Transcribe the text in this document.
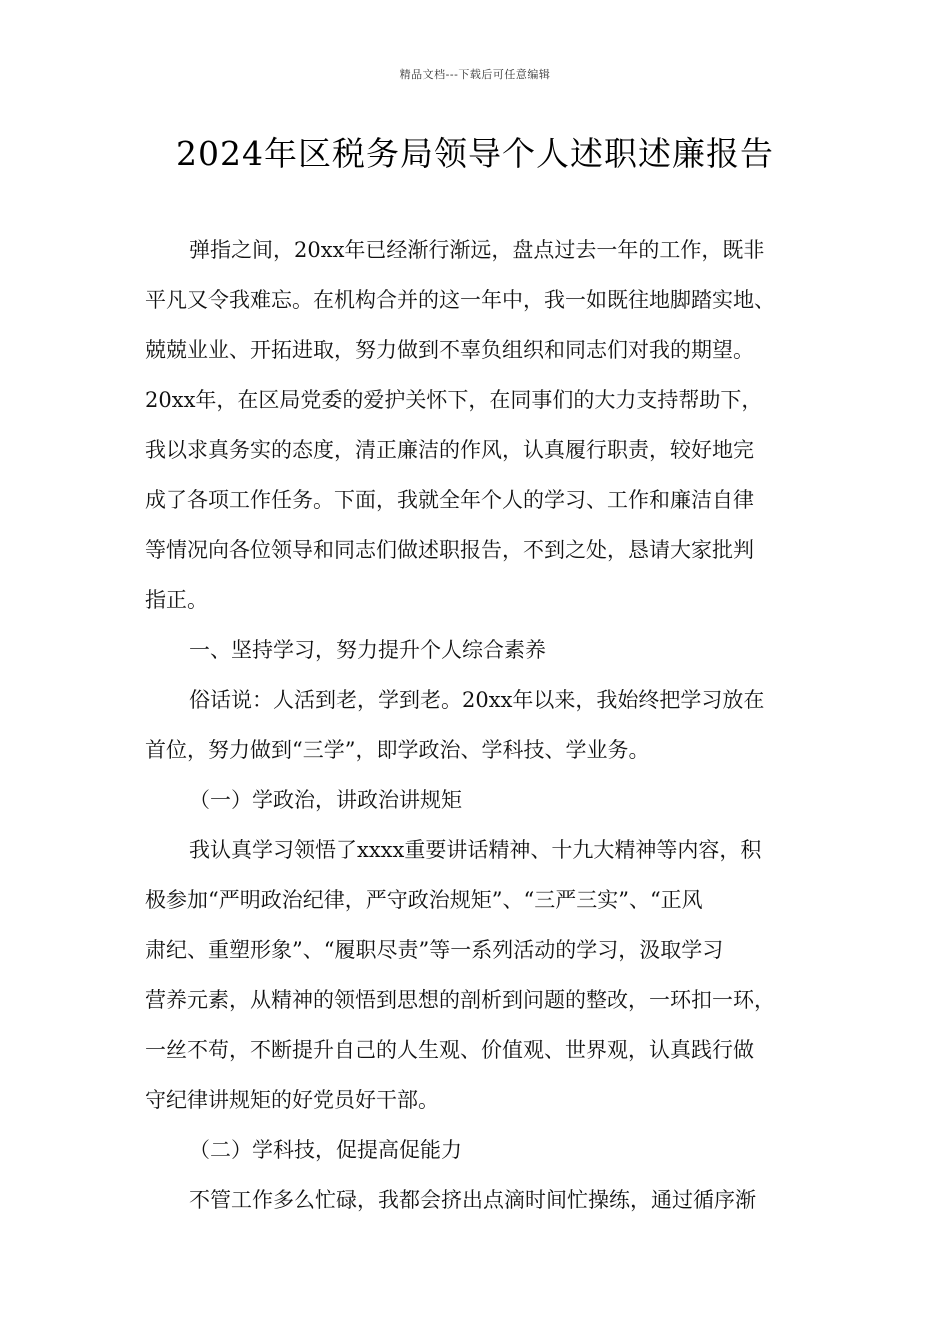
精品文档---下载后可任意编辑
2024年区税务局领导个人述职述廉报告
弹指之间，20xx年已经渐行渐远，盘点过去一年的工作，既非
平凡又令我难忘。在机构合并的这一年中，我一如既往地脚踏实地、
兢兢业业、开拓进取，努力做到不辜负组织和同志们对我的期望。
20xx年，在区局党委的爱护关怀下，在同事们的大力支持帮助下，
我以求真务实的态度，清正廉洁的作风，认真履行职责，较好地完
成了各项工作任务。下面，我就全年个人的学习、工作和廉洁自律
等情况向各位领导和同志们做述职报告，不到之处，恳请大家批判
指正。
一、坚持学习，努力提升个人综合素养
俗话说：人活到老，学到老。20xx年以来，我始终把学习放在
首位，努力做到“三学”，即学政治、学科技、学业务。
（一）学政治，讲政治讲规矩
我认真学习领悟了xxxx重要讲话精神、十九大精神等内容，积
极参加“严明政治纪律，严守政治规矩”、“三严三实”、“正风
肃纪、重塑形象”、“履职尽责”等一系列活动的学习，汲取学习
营养元素，从精神的领悟到思想的剖析到问题的整改，一环扣一环，
一丝不苟，不断提升自己的人生观、价值观、世界观，认真践行做
守纪律讲规矩的好党员好干部。
（二）学科技，促提高促能力
不管工作多么忙碌，我都会挤出点滴时间忙操练，通过循序渐
